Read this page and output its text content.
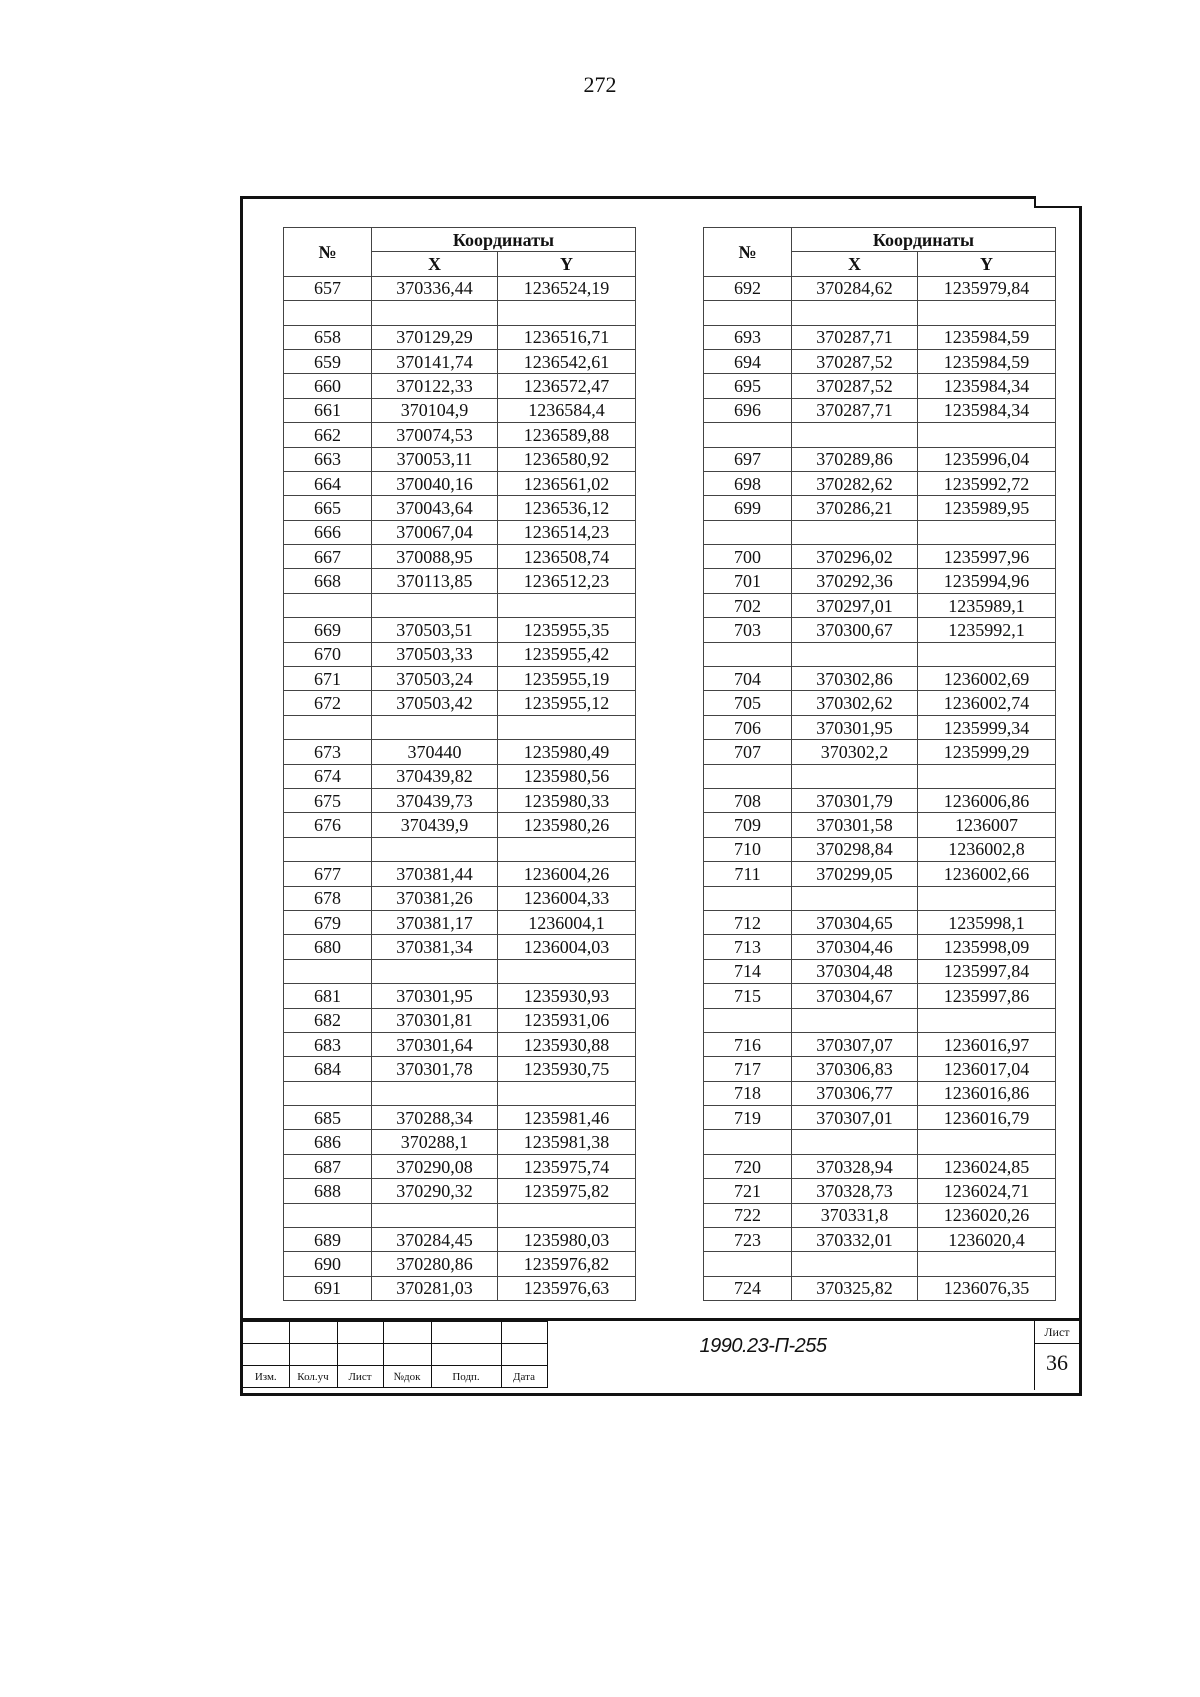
272
№	Координаты	
	X	Y
657	370336,44	1236524,19

658	370129,29	1236516,71
659	370141,74	1236542,61
660	370122,33	1236572,47
661	370104,9	1236584,4
662	370074,53	1236589,88
663	370053,11	1236580,92
664	370040,16	1236561,02
665	370043,64	1236536,12
666	370067,04	1236514,23
667	370088,95	1236508,74
668	370113,85	1236512,23

669	370503,51	1235955,35
670	370503,33	1235955,42
671	370503,24	1235955,19
672	370503,42	1235955,12

673	370440	1235980,49
674	370439,82	1235980,56
675	370439,73	1235980,33
676	370439,9	1235980,26

677	370381,44	1236004,26
678	370381,26	1236004,33
679	370381,17	1236004,1
680	370381,34	1236004,03

681	370301,95	1235930,93
682	370301,81	1235931,06
683	370301,64	1235930,88
684	370301,78	1235930,75

685	370288,34	1235981,46
686	370288,1	1235981,38
687	370290,08	1235975,74
688	370290,32	1235975,82

689	370284,45	1235980,03
690	370280,86	1235976,82
691	370281,03	1235976,63
№	Координаты	
	X	Y
692	370284,62	1235979,84

693	370287,71	1235984,59
694	370287,52	1235984,59
695	370287,52	1235984,34
696	370287,71	1235984,34

697	370289,86	1235996,04
698	370282,62	1235992,72
699	370286,21	1235989,95

700	370296,02	1235997,96
701	370292,36	1235994,96
702	370297,01	1235989,1
703	370300,67	1235992,1

704	370302,86	1236002,69
705	370302,62	1236002,74
706	370301,95	1235999,34
707	370302,2	1235999,29

708	370301,79	1236006,86
709	370301,58	1236007
710	370298,84	1236002,8
711	370299,05	1236002,66

712	370304,65	1235998,1
713	370304,46	1235998,09
714	370304,48	1235997,84
715	370304,67	1235997,86

716	370307,07	1236016,97
717	370306,83	1236017,04
718	370306,77	1236016,86
719	370307,01	1236016,79

720	370328,94	1236024,85
721	370328,73	1236024,71
722	370331,8	1236020,26
723	370332,01	1236020,4

724	370325,82	1236076,35

Изм.	Кол.уч	Лист	№док	Подп.	Дата
1990.23-П-255
Лист
36
